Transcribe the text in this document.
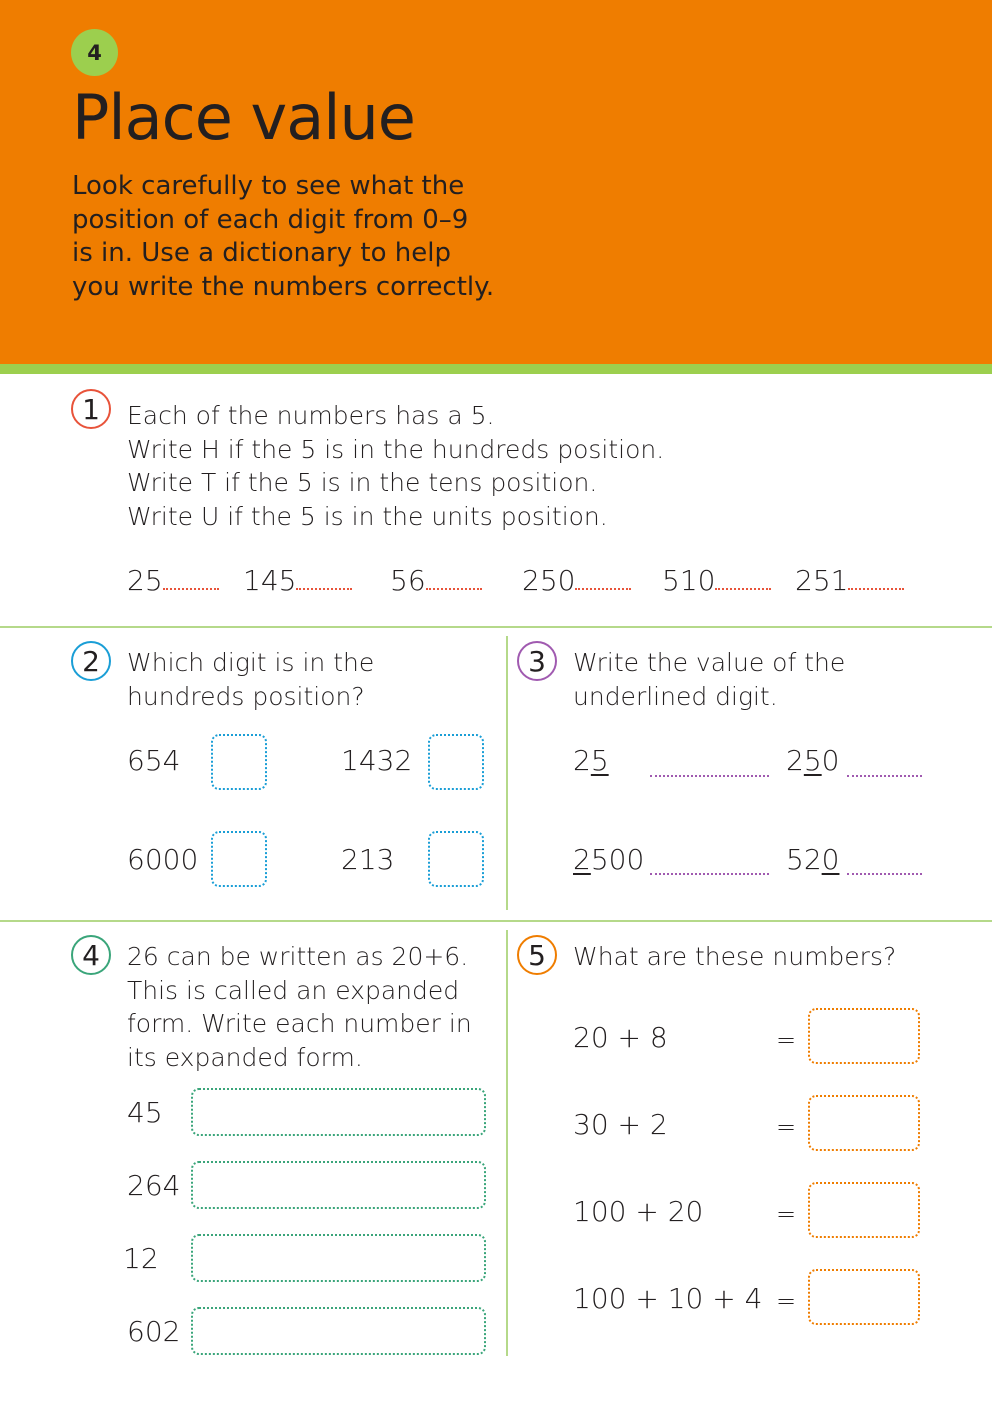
4
Place value
Look carefully to see what the
position of each digit from 0–9
is in. Use a dictionary to help
you write the numbers correctly.
1	Each of the numbers has a 5.
Write H if the 5 is in the hundreds position.
Write T if the 5 is in the tens position.
Write U if the 5 is in the units position.
25	145	56	250	510	251
2	Which digit is in the
hundreds position?
654	1432
6000	213
3	Write the value of the
underlined digit.
25	250
2500	520
4	26 can be written as 20+6.
This is called an expanded
form. Write each number in
its expanded form.
45
264
12
602
5	What are these numbers?
20 + 8	=
30 + 2	=
100 + 20	=
100 + 10 + 4 =
